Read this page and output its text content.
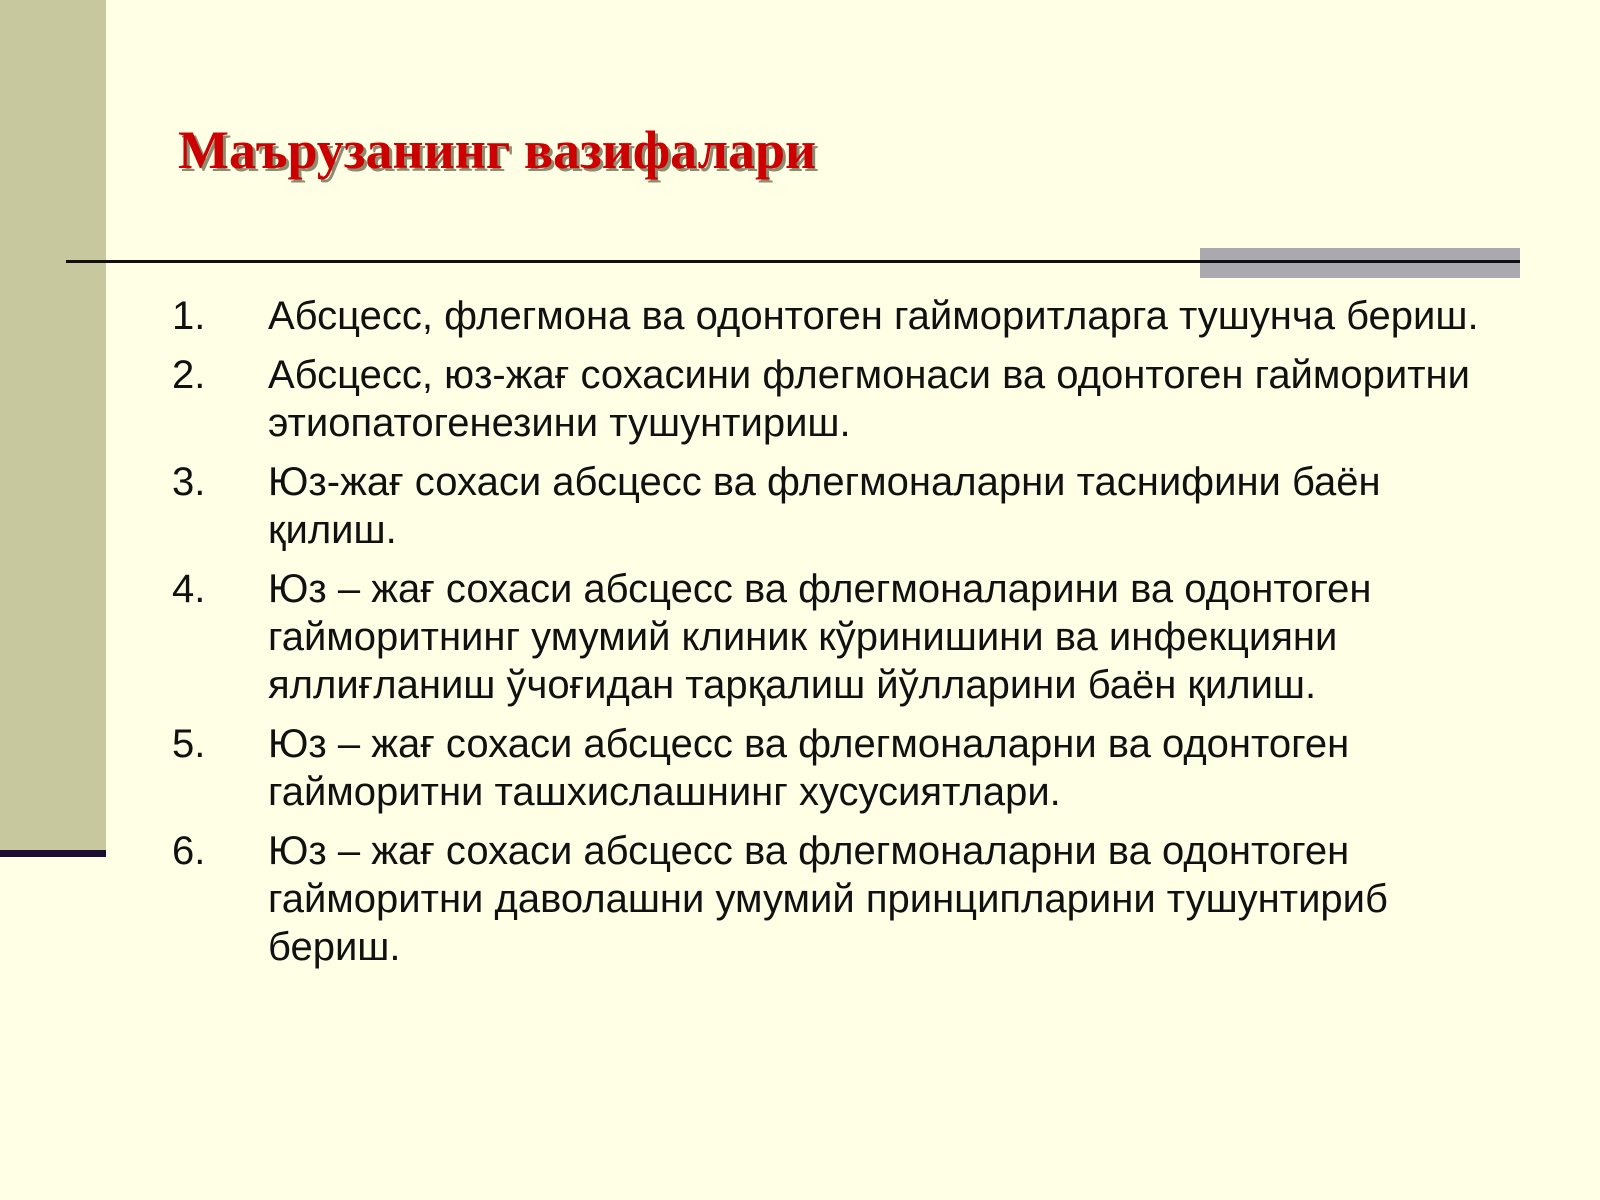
Маърузанинг вазифалари
1.	Абсцесс, флегмона ва одонтоген гайморитларга тушунча бериш.
2.	Абсцесс, юз-жағ сохасини флегмонаси ва одонтоген гайморитни этиопатогенезини тушунтириш.
3.	Юз-жағ сохаси абсцесс ва флегмоналарни таснифини баён қилиш.
4.	Юз – жағ сохаси абсцесс ва флегмоналарини ва одонтоген гайморитнинг умумий клиник кўринишини ва инфекцияни яллиғланиш ўчоғидан тарқалиш йўлларини баён қилиш.
5.	Юз – жағ сохаси абсцесс ва флегмоналарни ва одонтоген гайморитни ташхислашнинг хусусиятлари.
6.	Юз – жағ сохаси абсцесс ва флегмоналарни ва одонтоген гайморитни даволашни умумий принципларини тушунтириб бериш.
